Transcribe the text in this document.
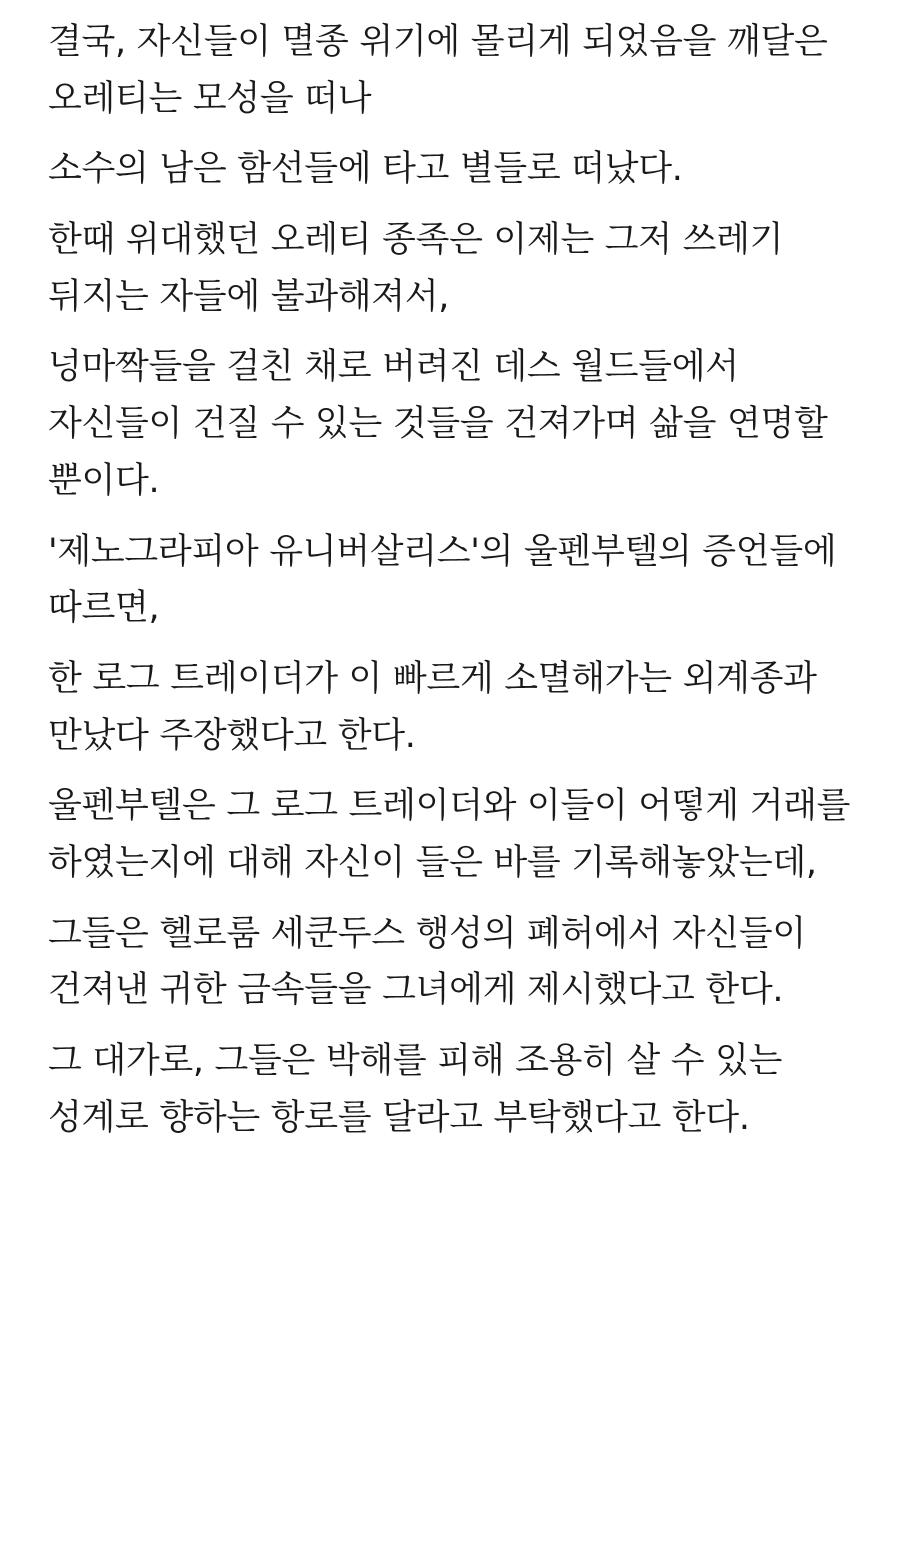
결국, 자신들이 멸종 위기에 몰리게 되었음을 깨달은 오레티는 모성을 떠나

소수의 남은 함선들에 타고 별들로 떠났다.

한때 위대했던 오레티 종족은 이제는 그저 쓰레기 뒤지는 자들에 불과해져서,

넝마짝들을 걸친 채로 버려진 데스 월드들에서 자신들이 건질 수 있는 것들을 건져가며 삶을 연명할 뿐이다.

'제노그라피아 유니버살리스'의 울펜부텔의 증언들에 따르면,

한 로그 트레이더가 이 빠르게 소멸해가는 외계종과 만났다 주장했다고 한다.

울펜부텔은 그 로그 트레이더와 이들이 어떻게 거래를 하였는지에 대해 자신이 들은 바를 기록해놓았는데,

그들은 헬로룸 세쿤두스 행성의 폐허에서 자신들이 건져낸 귀한 금속들을 그녀에게 제시했다고 한다.

그 대가로, 그들은 박해를 피해 조용히 살 수 있는 성계로 향하는 항로를 달라고 부탁했다고 한다.
